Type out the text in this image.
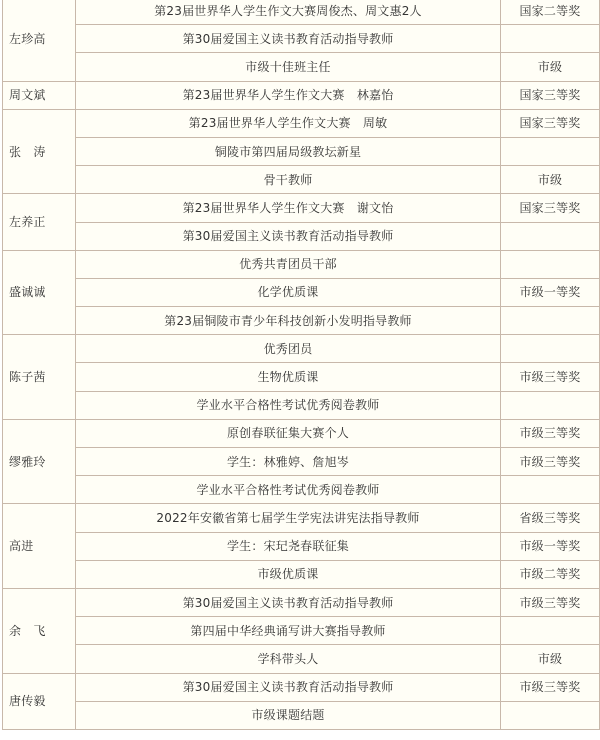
左珍高	第23届世界华人学生作文大赛周俊杰、周文惠2人	国家二等奖
	第30届爱国主义读书教育活动指导教师	
	市级十佳班主任	市级
周文斌	第23届世界华人学生作文大赛　林嘉怡	国家三等奖
张　涛	第23届世界华人学生作文大赛　周敏	国家三等奖
	铜陵市第四届局级教坛新星	
	骨干教师	市级
左养正	第23届世界华人学生作文大赛　谢文怡	国家三等奖
	第30届爱国主义读书教育活动指导教师	
盛诚诚	优秀共青团员干部	
	化学优质课	市级一等奖
	第23届铜陵市青少年科技创新小发明指导教师	
陈子茜	优秀团员	
	生物优质课	市级三等奖
	学业水平合格性考试优秀阅卷教师	
缪雅玲	原创春联征集大赛个人	市级三等奖
	学生：林雅婷、詹旭岑	市级三等奖
	学业水平合格性考试优秀阅卷教师	
高进	2022年安徽省第七届学生学宪法讲宪法指导教师	省级三等奖
	学生：宋玘尧春联征集	市级一等奖
	市级优质课	市级二等奖
余　飞	第30届爱国主义读书教育活动指导教师	市级三等奖
	第四届中华经典诵写讲大赛指导教师	
	学科带头人	市级
唐传毅	第30届爱国主义读书教育活动指导教师	市级三等奖
	市级课题结题	
